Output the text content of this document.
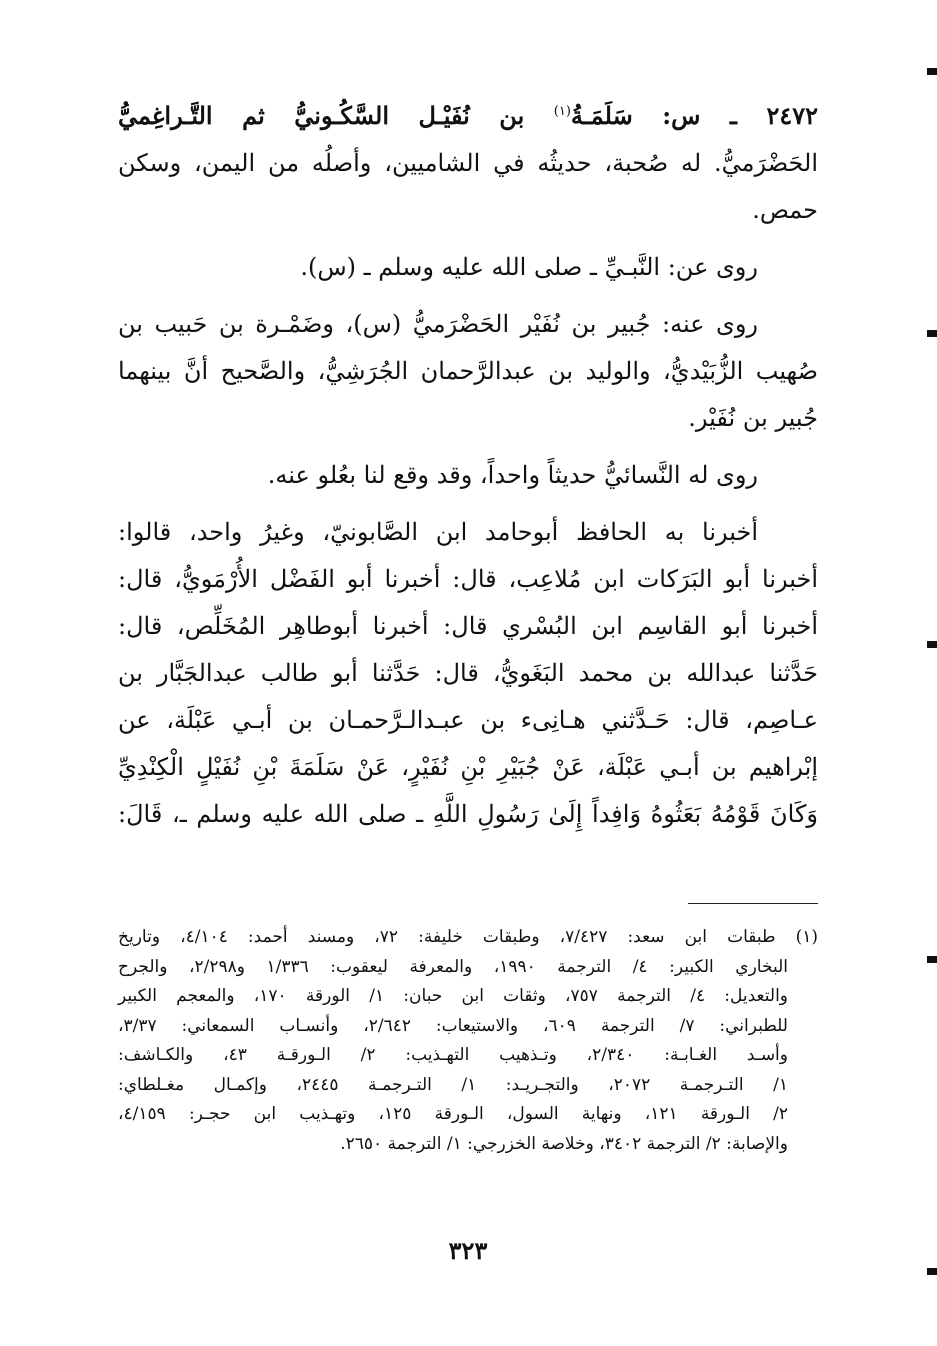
٢٤٧٢ ـ س: سَلَمَـةُ$^{(١)}$ بن نُفَيْـل السَّكُـونيُّ ثم التَّـراغِميُّ
الحَضْرَميُّ. له صُحبة، حديثُه في الشاميين، وأصلُه من اليمن، وسكن
حمص.
روى عن: النَّبـيِّ ـ صلى الله عليه وسلم ـ (س).
روى عنه: جُبير بن نُفَيْر الحَضْرَميُّ (س)، وضَمْـرة بن حَبيب بن
صُهيب الزُّبَيْديُّ، والوليد بن عبدالرَّحمان الجُرَشِيُّ، والصَّحيح أنَّ بينهما
جُبير بن نُفَيْر.
روى له النَّسائيُّ حديثاً واحداً، وقد وقع لنا بعُلو عنه.
أخبرنا به الحافظ أبوحامد ابن الصَّابونيّ، وغيرُ واحد، قالوا:
أخبرنا أبو البَرَكات ابن مُلاعِب، قال: أخبرنا أبو الفَضْل الأُرْمَويُّ، قال:
أخبرنا أبو القاسِم ابن البُسْري قال: أخبرنا أبوطاهِر المُخَلِّص، قال:
حَدَّثنا عبدالله بن محمد البَغَويُّ، قال: حَدَّثنا أبو طالب عبدالجَبَّار بن
عـاصِم، قال: حَـدَّثني هـانِىء بن عبـدالـرَّحمـان بن أبـي عَبْلَة، عن
إبْراهيم بن أبـي عَبْلَة، عَنْ جُبَيْرِ بْنِ نُفَيْرٍ، عَنْ سَلَمَةَ بْنِ نُفَيْلٍ الْكِنْدِيِّ
وَكَانَ قَوْمُهُ بَعَثُوهُ وَافِداً إِلَىٰ رَسُولِ اللَّهِ ـ صلى الله عليه وسلم ـ، قَالَ:
(١) طبقات ابن سعد: ٧/٤٢٧، وطبقات خليفة: ٧٢، ومسند أحمد: ٤/١٠٤، وتاريخ
البخاري الكبير: ٤/ الترجمة ١٩٩٠، والمعرفة ليعقوب: ١/٣٣٦ و٢/٢٩٨، والجرح
والتعديل: ٤/ الترجمة ٧٥٧، وثقات ابن حبان: ١/ الورقة ١٧٠، والمعجم الكبير
للطبراني: ٧/ الترجمة ٦٠٩، والاستيعاب: ٢/٦٤٢، وأنسـاب السمعاني: ٣/٣٧،
وأسـد الغـابـة: ٢/٣٤٠، وتـذهيب التهـذيب: ٢/ الـورقـة ٤٣، والكـاشف:
١/ التـرجمـة ٢٠٧٢، والتجـريـد: ١/ التـرجمـة ٢٤٤٥، وإكمـال مغـلطاي:
٢/ الـورقة ١٢١، ونهاية السول، الـورقة ١٢٥، وتهـذيب ابن حجـر: ٤/١٥٩،
والإصابة: ٢/ الترجمة ٣٤٠٢، وخلاصة الخزرجي: ١/ الترجمة ٢٦٥٠.
٣٢٣
